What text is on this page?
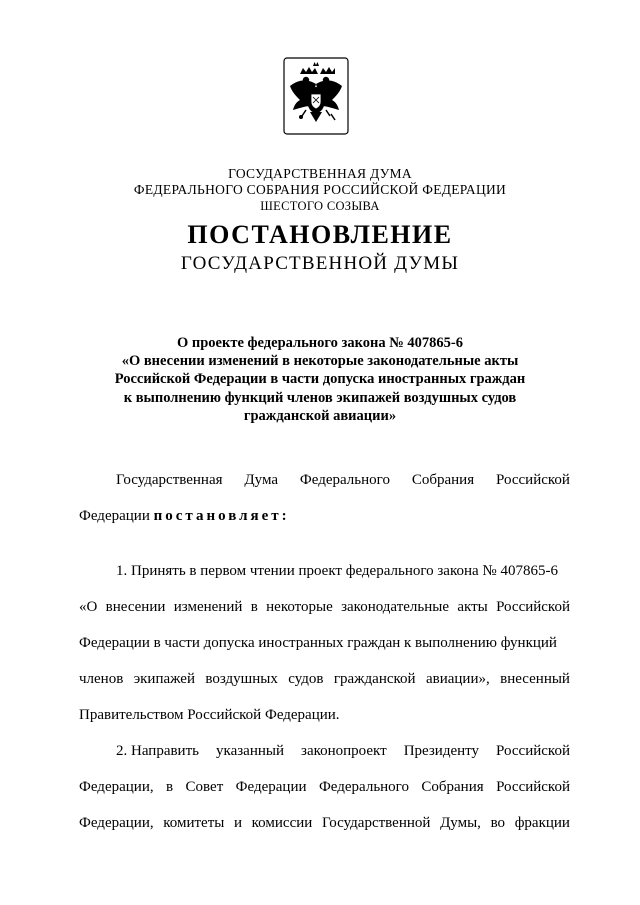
ГОСУДАРСТВЕННАЯ ДУМА
ФЕДЕРАЛЬНОГО СОБРАНИЯ РОССИЙСКОЙ ФЕДЕРАЦИИ
ШЕСТОГО СОЗЫВА
ПОСТАНОВЛЕНИЕ
ГОСУДАРСТВЕННОЙ ДУМЫ
О проекте федерального закона № 407865-6
«О внесении изменений в некоторые законодательные акты
Российской Федерации в части допуска иностранных граждан
к выполнению функций членов экипажей воздушных судов
гражданской авиации»
Государственная Дума Федерального Собрания Российской
Федерации постановляет:
1. Принять в первом чтении проект федерального закона № 407865-6
«О внесении изменений в некоторые законодательные акты Российской
Федерации в части допуска иностранных граждан к выполнению функций
членов экипажей воздушных судов гражданской авиации», внесенный
Правительством Российской Федерации.
2. Направить указанный законопроект Президенту Российской
Федерации, в Совет Федерации Федерального Собрания Российской
Федерации, комитеты и комиссии Государственной Думы, во фракции
